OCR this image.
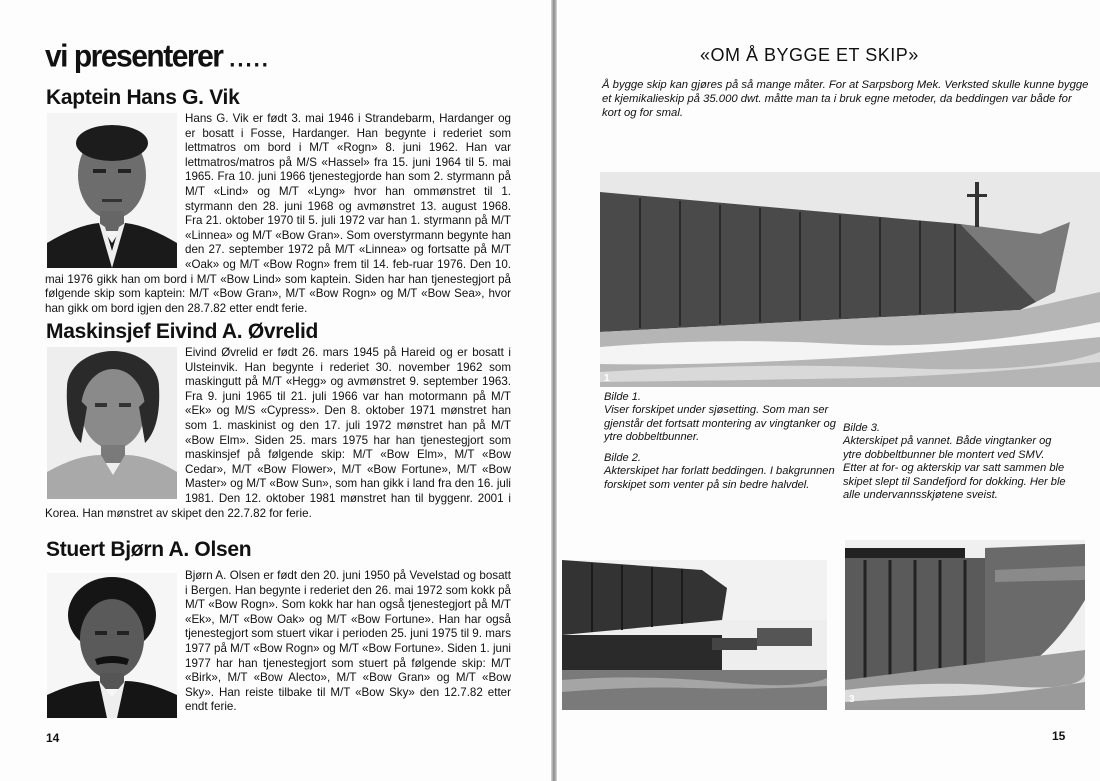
vi presenterer .....
Kaptein Hans G. Vik

Hans G. Vik er født 3. mai 1946 i Strandebarm, Hardanger og er bosatt i Fosse, Hardanger. Han begynte i rederiet som lettmatros om bord i M/T «Rogn» 8. juni 1962. Han var lettmatros/matros på M/S «Hassel» fra 15. juni 1964 til 5. mai 1965. Fra 10. juni 1966 tjenestegjorde han som 2. styrmann på M/T «Lind» og M/T «Lyng» hvor han ommønstret til 1. styrmann den 28. juni 1968 og avmønstret 13. august 1968. Fra 21. oktober 1970 til 5. juli 1972 var han 1. styrmann på M/T «Linnea» og M/T «Bow Gran». Som overstyrmann begynte han den 27. september 1972 på M/T «Linnea» og fortsatte på M/T «Oak» og M/T «Bow Rogn» frem til 14. feb-ruar 1976. Den 10. mai 1976 gikk han om bord i M/T «Bow Lind» som kaptein. Siden har han tjenestegjort på følgende skip som kaptein: M/T «Bow Gran», M/T «Bow Rogn» og M/T «Bow Sea», hvor han gikk om bord igjen den 28.7.82 etter endt ferie.

Maskinsjef Eivind A. Øvrelid

Eivind Øvrelid er født 26. mars 1945 på Hareid og er bosatt i Ulsteinvik. Han begynte i rederiet 30. november 1962 som maskingutt på M/T «Hegg» og avmønstret 9. september 1963. Fra 9. juni 1965 til 21. juli 1966 var han motormann på M/T «Ek» og M/S «Cypress». Den 8. oktober 1971 mønstret han som 1. maskinist og den 17. juli 1972 mønstret han på M/T «Bow Elm». Siden 25. mars 1975 har han tjenestegjort som maskinsjef på følgende skip: M/T «Bow Elm», M/T «Bow Cedar», M/T «Bow Flower», M/T «Bow Fortune», M/T «Bow Master» og M/T «Bow Sun», som han gikk i land fra den 16. juli 1981. Den 12. oktober 1981 mønstret han til byggenr. 2001 i Korea. Han mønstret av skipet den 22.7.82 for ferie.

Stuert Bjørn A. Olsen

Bjørn A. Olsen er født den 20. juni 1950 på Vevelstad og bosatt i Bergen. Han begynte i rederiet den 26. mai 1972 som kokk på M/T «Bow Rogn». Som kokk har han også tjenestegjort på M/T «Ek», M/T «Bow Oak» og M/T «Bow Fortune». Han har også tjenestegjort som stuert vikar i perioden 25. juni 1975 til 9. mars 1977 på M/T «Bow Rogn» og M/T «Bow Fortune». Siden 1. juni 1977 har han tjenestegjort som stuert på følgende skip: M/T «Birk», M/T «Bow Alecto», M/T «Bow Gran» og M/T «Bow Sky». Han reiste tilbake til M/T «Bow Sky» den 12.7.82 etter endt ferie.

14
«OM Å BYGGE ET SKIP»

Å bygge skip kan gjøres på så mange måter. For at Sarpsborg Mek. Verksted skulle kunne bygge et kjemikalieskip på 35.000 dwt. måtte man ta i bruk egne metoder, da beddingen var både for kort og for smal.

1

Bilde 1.
Viser forskipet under sjøsetting. Som man ser gjenstår det fortsatt montering av vingtanker og ytre dobbeltbunner.

Bilde 2.
Akterskipet har forlatt beddingen. I bakgrunnen forskipet som venter på sin bedre halvdel.

Bilde 3.
Akterskipet på vannet. Både vingtanker og ytre dobbeltbunner ble montert ved SMV. Etter at for- og akterskip var satt sammen ble skipet slept til Sandefjord for dokking. Her ble alle undervannsskjøtene sveist.

3
15
